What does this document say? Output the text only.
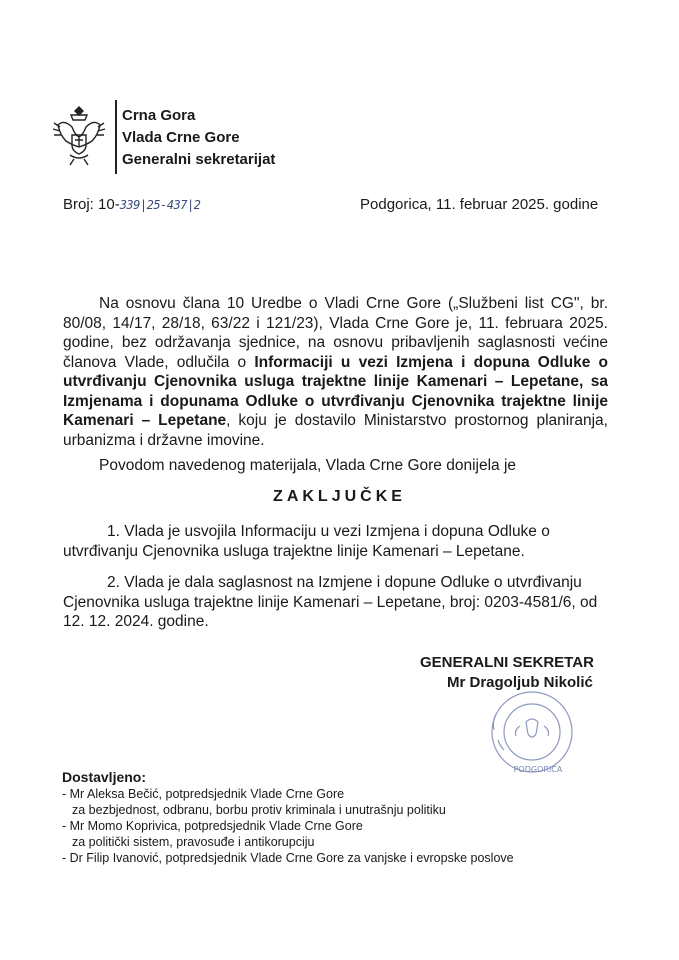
Crna Gora
Vlada Crne Gore
Generalni sekretarijat
Broj: 10-339|25-437|2	Podgorica, 11. februar 2025. godine
Na osnovu člana 10 Uredbe o Vladi Crne Gore („Službeni list CG", br. 80/08, 14/17, 28/18, 63/22 i 121/23), Vlada Crne Gore je, 11. februara 2025. godine, bez održavanja sjednice, na osnovu pribavljenih saglasnosti većine članova Vlade, odlučila o Informaciji u vezi Izmjena i dopuna Odluke o utvrđivanju Cjenovnika usluga trajektne linije Kamenari – Lepetane, sa Izmjenama i dopunama Odluke o utvrđivanju Cjenovnika trajektne linije Kamenari – Lepetane, koju je dostavilo Ministarstvo prostornog planiranja, urbanizma i državne imovine.
Povodom navedenog materijala, Vlada Crne Gore donijela je
ZAKLJUČKE
1. Vlada je usvojila Informaciju u vezi Izmjena i dopuna Odluke o utvrđivanju Cjenovnika usluga trajektne linije Kamenari – Lepetane.
2. Vlada je dala saglasnost na Izmjene i dopune Odluke o utvrđivanju Cjenovnika usluga trajektne linije Kamenari – Lepetane, broj: 0203-4581/6, od 12. 12. 2024. godine.
PODGORICA
GENERALNI SEKRETAR
Mr Dragoljub Nikolić
Dostavljeno:
- Mr Aleksa Bečić, potpredsjednik Vlade Crne Gore
za bezbjednost, odbranu, borbu protiv kriminala i unutrašnju politiku
- Mr Momo Koprivica, potpredsjednik Vlade Crne Gore
za politički sistem, pravosuđe i antikorupciju
- Dr Filip Ivanović, potpredsjednik Vlade Crne Gore za vanjske i evropske poslove
